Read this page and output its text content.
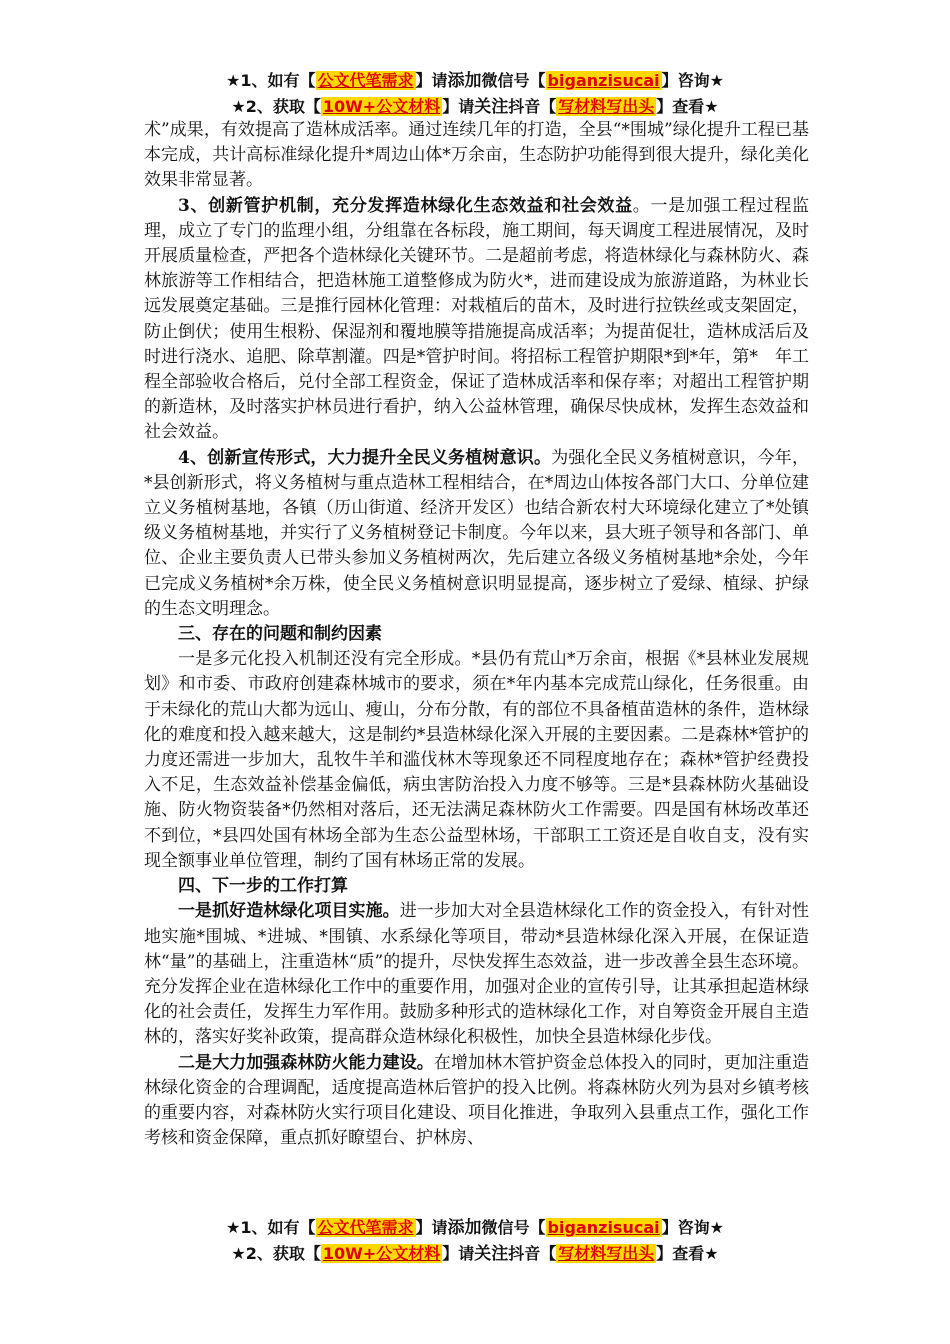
★1、如有【 公文代笔需求 】请添加微信号【 biganzisucai 】咨询★
★2、获取【 10W+公文材料 】请关注抖音【 写材料写出头 】查看★

术”成果，有效提高了造林成活率。通过连续几年的打造，全县“*围城”绿化提升工程已基本完成，共计高标准绿化提升*周边山体*万余亩，生态防护功能得到很大提升，绿化美化效果非常显著。

3、创新管护机制，充分发挥造林绿化生态效益和社会效益。一是加强工程过程监理，成立了专门的监理小组，分组靠在各标段，施工期间，每天调度工程进展情况，及时开展质量检查，严把各个造林绿化关键环节。二是超前考虑，将造林绿化与森林防火、森林旅游等工作相结合，把造林施工道整修成为防火*，进而建设成为旅游道路，为林业长远发展奠定基础。三是推行园林化管理：对栽植后的苗木，及时进行拉铁丝或支架固定，防止倒伏；使用生根粉、保湿剂和覆地膜等措施提高成活率；为提苗促壮，造林成活后及时进行浇水、追肥、除草割灌。四是*管护时间。将招标工程管护期限*到*年，第*　年工程全部验收合格后，兑付全部工程资金，保证了造林成活率和保存率；对超出工程管护期的新造林，及时落实护林员进行看护，纳入公益林管理，确保尽快成林，发挥生态效益和社会效益。

4、创新宣传形式，大力提升全民义务植树意识。为强化全民义务植树意识，今年，*县创新形式，将义务植树与重点造林工程相结合，在*周边山体按各部门大口、分单位建立义务植树基地，各镇（历山街道、经济开发区）也结合新农村大环境绿化建立了*处镇级义务植树基地，并实行了义务植树登记卡制度。今年以来，县大班子领导和各部门、单位、企业主要负责人已带头参加义务植树两次，先后建立各级义务植树基地*余处，今年已完成义务植树*余万株，使全民义务植树意识明显提高，逐步树立了爱绿、植绿、护绿的生态文明理念。

三、存在的问题和制约因素

一是多元化投入机制还没有完全形成。*县仍有荒山*万余亩，根据《*县林业发展规划》和市委、市政府创建森林城市的要求，须在*年内基本完成荒山绿化，任务很重。由于未绿化的荒山大都为远山、瘦山，分布分散，有的部位不具备植苗造林的条件，造林绿化的难度和投入越来越大，这是制约*县造林绿化深入开展的主要因素。二是森林*管护的力度还需进一步加大，乱牧牛羊和滥伐林木等现象还不同程度地存在；森林*管护经费投入不足，生态效益补偿基金偏低，病虫害防治投入力度不够等。三是*县森林防火基础设施、防火物资装备*仍然相对落后，还无法满足森林防火工作需要。四是国有林场改革还不到位，*县四处国有林场全部为生态公益型林场，干部职工工资还是自收自支，没有实现全额事业单位管理，制约了国有林场正常的发展。

四、下一步的工作打算

一是抓好造林绿化项目实施。进一步加大对全县造林绿化工作的资金投入，有针对性地实施*围城、*进城、*围镇、水系绿化等项目，带动*县造林绿化深入开展，在保证造林“量”的基础上，注重造林“质”的提升，尽快发挥生态效益，进一步改善全县生态环境。充分发挥企业在造林绿化工作中的重要作用，加强对企业的宣传引导，让其承担起造林绿化的社会责任，发挥生力军作用。鼓励多种形式的造林绿化工作，对自筹资金开展自主造林的，落实好奖补政策，提高群众造林绿化积极性，加快全县造林绿化步伐。

二是大力加强森林防火能力建设。在增加林木管护资金总体投入的同时，更加注重造林绿化资金的合理调配，适度提高造林后管护的投入比例。将森林防火列为县对乡镇考核的重要内容，对森林防火实行项目化建设、项目化推进，争取列入县重点工作，强化工作考核和资金保障，重点抓好瞭望台、护林房、

★1、如有【 公文代笔需求 】请添加微信号【 biganzisucai 】咨询★
★2、获取【 10W+公文材料 】请关注抖音【 写材料写出头 】查看★
